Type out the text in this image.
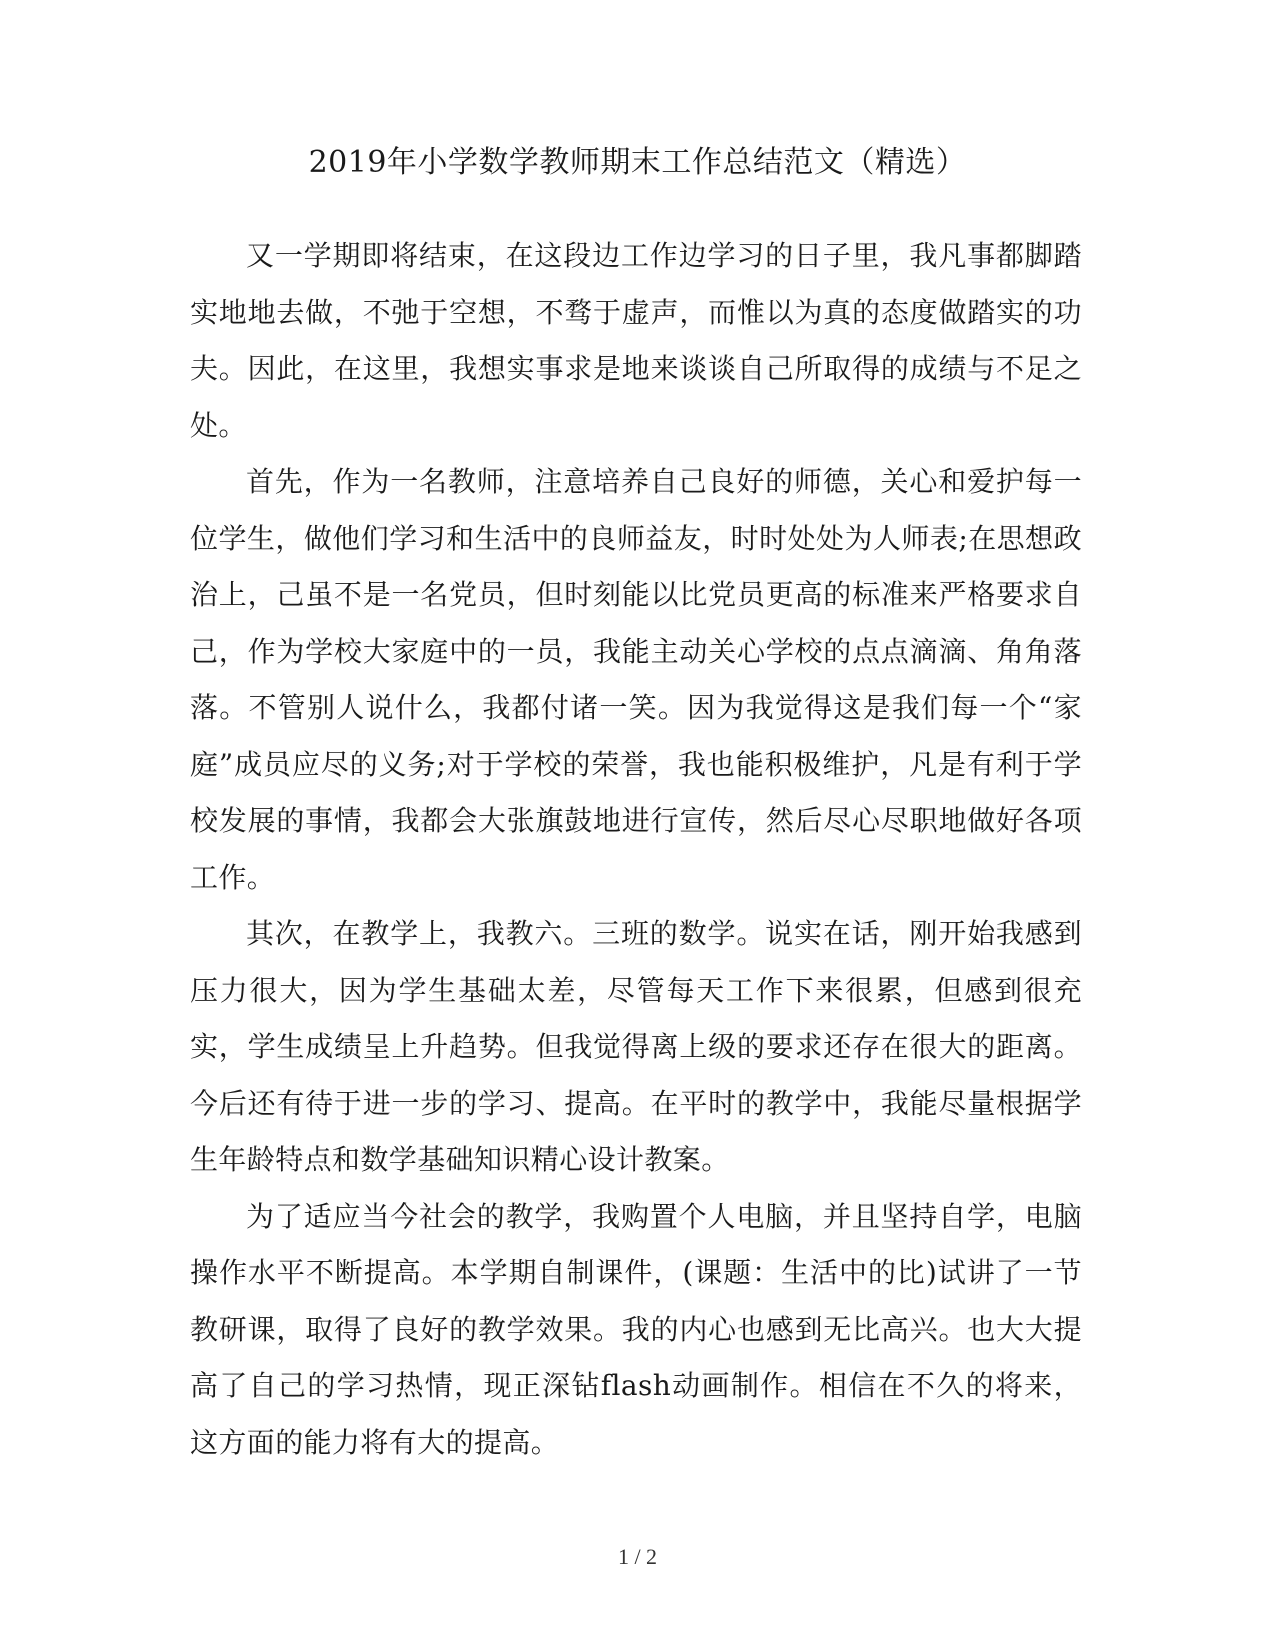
2019年小学数学教师期末工作总结范文（精选）

又一学期即将结束，在这段边工作边学习的日子里，我凡事都脚踏实地地去做，不弛于空想，不骛于虚声，而惟以为真的态度做踏实的功夫。因此，在这里，我想实事求是地来谈谈自己所取得的成绩与不足之处。

首先，作为一名教师，注意培养自己良好的师德，关心和爱护每一位学生，做他们学习和生活中的良师益友，时时处处为人师表;在思想政治上，己虽不是一名党员，但时刻能以比党员更高的标准来严格要求自己，作为学校大家庭中的一员，我能主动关心学校的点点滴滴、角角落落。不管别人说什么，我都付诸一笑。因为我觉得这是我们每一个“家庭”成员应尽的义务;对于学校的荣誉，我也能积极维护，凡是有利于学校发展的事情，我都会大张旗鼓地进行宣传，然后尽心尽职地做好各项工作。

其次，在教学上，我教六。三班的数学。说实在话，刚开始我感到压力很大，因为学生基础太差，尽管每天工作下来很累，但感到很充实，学生成绩呈上升趋势。但我觉得离上级的要求还存在很大的距离。今后还有待于进一步的学习、提高。在平时的教学中，我能尽量根据学生年龄特点和数学基础知识精心设计教案。

为了适应当今社会的教学，我购置个人电脑，并且坚持自学，电脑操作水平不断提高。本学期自制课件，(课题：生活中的比)试讲了一节教研课，取得了良好的教学效果。我的内心也感到无比高兴。也大大提高了自己的学习热情，现正深钻flash动画制作。相信在不久的将来，这方面的能力将有大的提高。

1 / 2
